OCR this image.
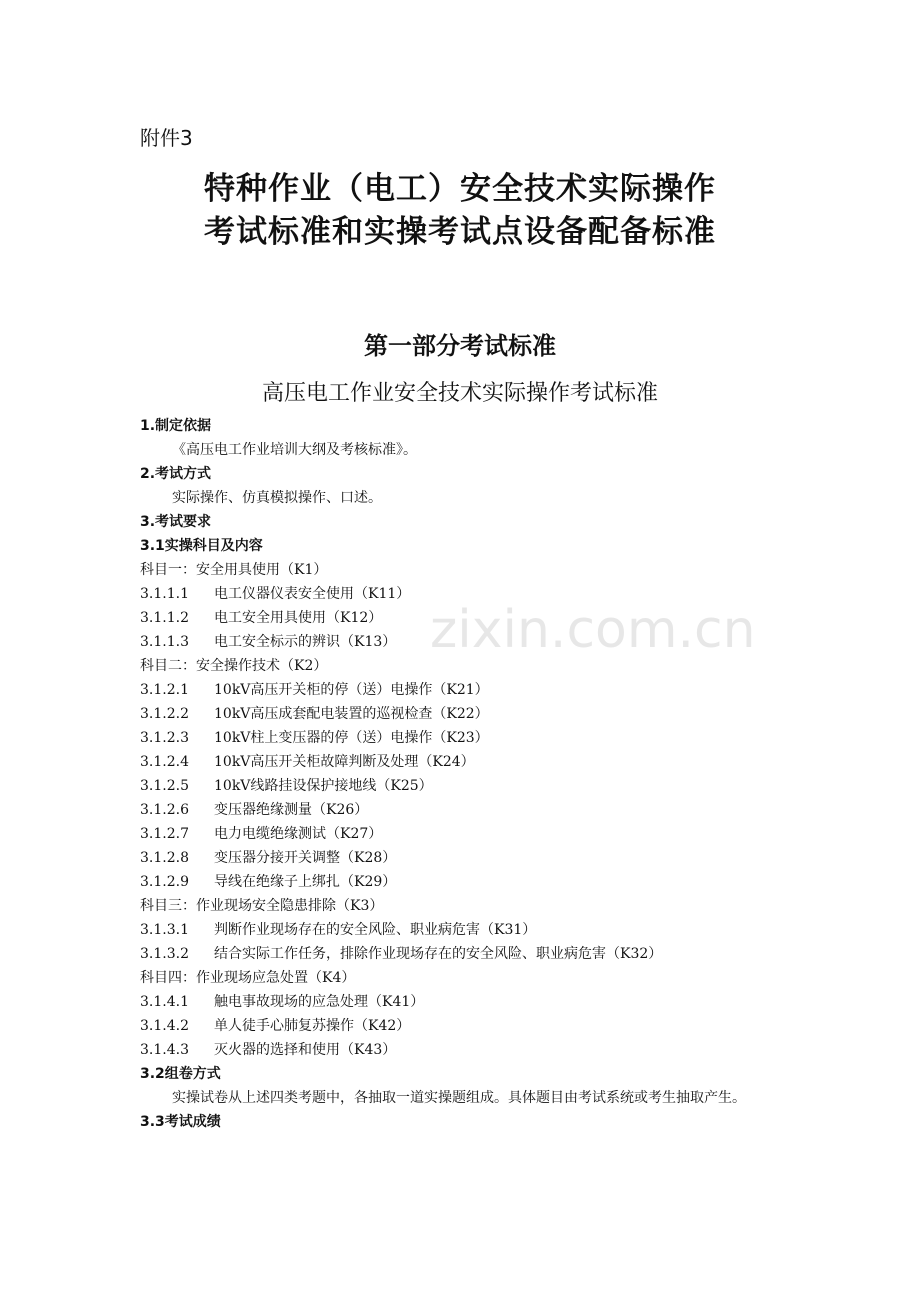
附件3
特种作业（电工）安全技术实际操作
考试标准和实操考试点设备配备标准
第一部分考试标准
高压电工作业安全技术实际操作考试标准
zixin.com.cn
1.制定依据
《高压电工作业培训大纲及考核标准》。
2.考试方式
实际操作、仿真模拟操作、口述。
3.考试要求
3.1实操科目及内容
科目一：安全用具使用（K1）
3.1.1.1	电工仪器仪表安全使用（K11）
3.1.1.2	电工安全用具使用（K12）
3.1.1.3	电工安全标示的辨识（K13）
科目二：安全操作技术（K2）
3.1.2.1	10kV高压开关柜的停（送）电操作（K21）
3.1.2.2	10kV高压成套配电装置的巡视检查（K22）
3.1.2.3	10kV柱上变压器的停（送）电操作（K23）
3.1.2.4	10kV高压开关柜故障判断及处理（K24）
3.1.2.5	10kV线路挂设保护接地线（K25）
3.1.2.6	变压器绝缘测量（K26）
3.1.2.7	电力电缆绝缘测试（K27）
3.1.2.8	变压器分接开关调整（K28）
3.1.2.9	导线在绝缘子上绑扎（K29）
科目三：作业现场安全隐患排除（K3）
3.1.3.1	判断作业现场存在的安全风险、职业病危害（K31）
3.1.3.2	结合实际工作任务，排除作业现场存在的安全风险、职业病危害（K32）
科目四：作业现场应急处置（K4）
3.1.4.1	触电事故现场的应急处理（K41）
3.1.4.2	单人徒手心肺复苏操作（K42）
3.1.4.3	灭火器的选择和使用（K43）
3.2组卷方式
实操试卷从上述四类考题中，各抽取一道实操题组成。具体题目由考试系统或考生抽取产生。
3.3考试成绩
